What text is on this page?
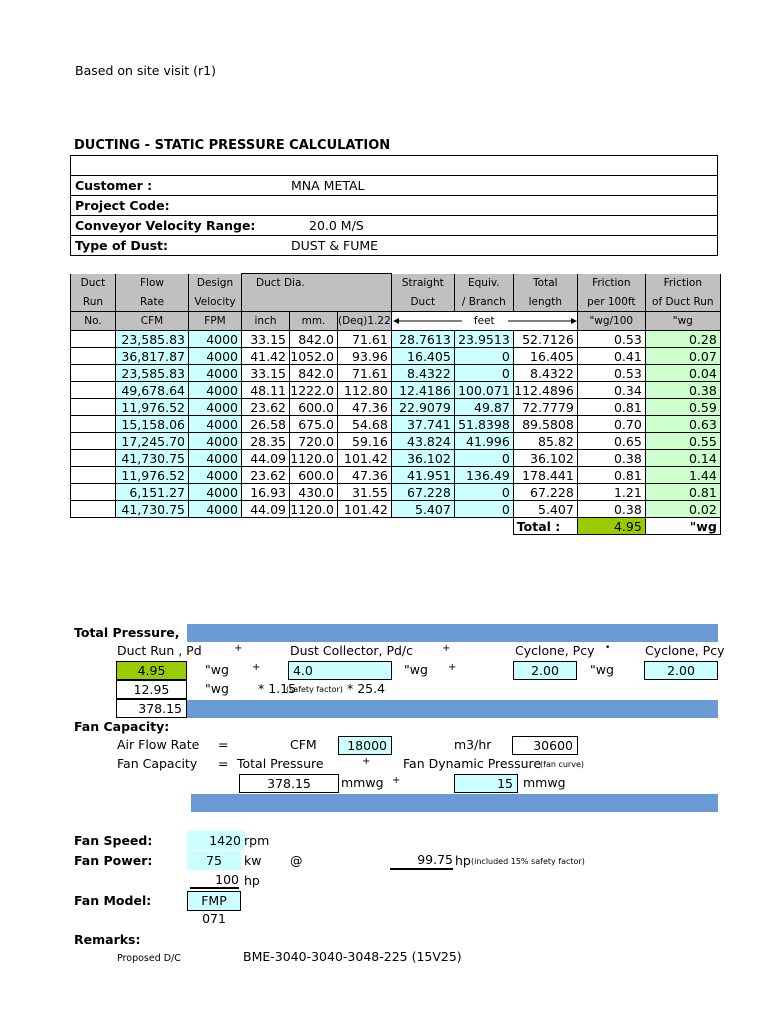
Based on site visit (r1)
DUCTING - STATIC PRESSURE CALCULATION
Customer :	MNA METAL
Project Code:
Conveyor Velocity Range:	20.0 M/S
Type of Dust:	DUST & FUME
Duct	Flow	Design	Duct Dia.			Straight	Equiv.	Total	Friction	Friction
Run	Rate	Velocity				Duct	/ Branch	length	per 100ft	of Duct Run
No.	CFM	FPM	inch	mm.	(Deq)1.22	feet			"wg/100	"wg
	23,585.83	4000	33.15	842.0	71.61	28.7613	23.9513	52.7126	0.53	0.28
	36,817.87	4000	41.42	1052.0	93.96	16.405	0	16.405	0.41	0.07
	23,585.83	4000	33.15	842.0	71.61	8.4322	0	8.4322	0.53	0.04
	49,678.64	4000	48.11	1222.0	112.80	12.4186	100.071	112.4896	0.34	0.38
	11,976.52	4000	23.62	600.0	47.36	22.9079	49.87	72.7779	0.81	0.59
	15,158.06	4000	26.58	675.0	54.68	37.741	51.8398	89.5808	0.70	0.63
	17,245.70	4000	28.35	720.0	59.16	43.824	41.996	85.82	0.65	0.55
	41,730.75	4000	44.09	1120.0	101.42	36.102	0	36.102	0.38	0.14
	11,976.52	4000	23.62	600.0	47.36	41.951	136.49	178.441	0.81	1.44
	6,151.27	4000	16.93	430.0	31.55	67.228	0	67.228	1.21	0.81
	41,730.75	4000	44.09	1120.0	101.42	5.407	0	5.407	0.38	0.02
								Total :	4.95	"wg
Total Pressure,
Duct Run , Pd	+	Dust Collector, Pd/c	+	Cyclone, Pcy •	Cyclone, Pcy
4.95	"wg +	4.0	"wg +	2.00	"wg	2.00
12.95	"wg * 1.15
(safety factor) * 25.4
378.15
Fan Capacity:
Air Flow Rate =	CFM	18000	m3/hr	30600
Fan Capacity = Total Pressure	+	Fan Dynamic Pressure
(fan curve)
378.15	mmwg +	15 mmwg
Fan Speed:	1420 rpm
Fan Power:	75	kw @	99.75 hp (included 15% safety factor)
100 hp
Fan Model:	FMP 071
Remarks:
Proposed D/C	BME-3040-3040-3048-225 (15V25)
